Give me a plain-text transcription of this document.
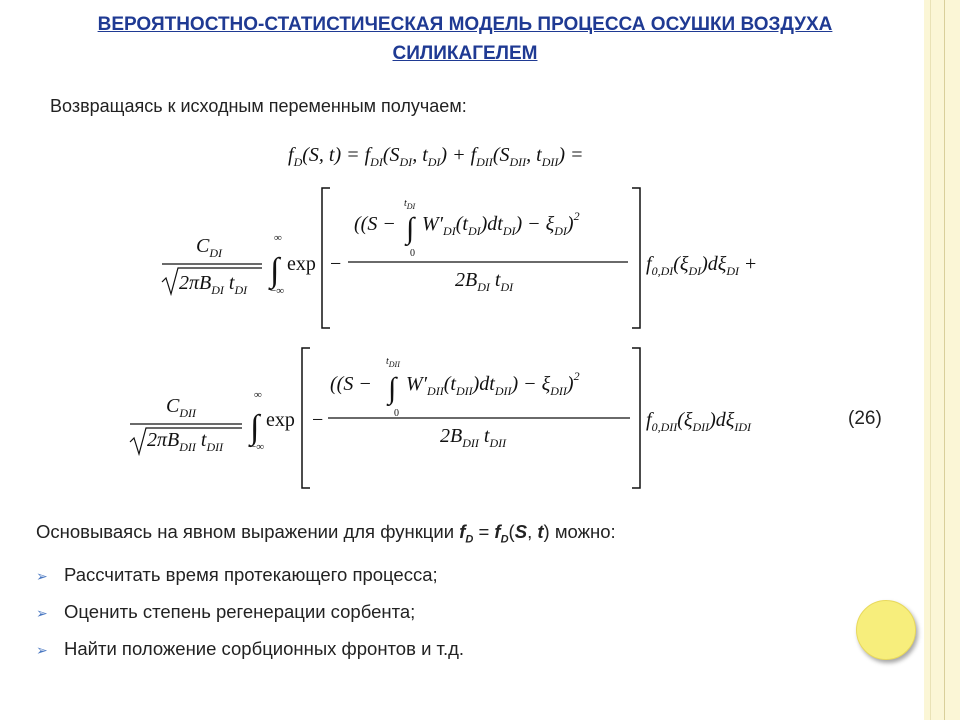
ВЕРОЯТНОСТНО-СТАТИСТИЧЕСКАЯ МОДЕЛЬ ПРОЦЕССА ОСУШКИ ВОЗДУХА
СИЛИКАГЕЛЕМ
Возвращаясь к исходным переменным получаем:
$f_D(S$, $t) = f_{DI}(S_{DI}$, $t_{DI}) + f_{DII}(S_{DII}$, $t_{DII}$) =
$C_{DI}$
$2\pi B_{DI}$ $t_{DI}$
∞
∫
−∞
exp −
((S −
$t_{DI}$
∫
0
$W'_{DI}(t_{DI})dt_{DI}) - \xi_{DI})^2$
$2B_{DI}$ $t_{DI}$
$f_{0,DI}(\xi_{DI})d\xi_{DI}$ +
$C_{DII}$
$2\pi B_{DII}$ $t_{DII}$
∞
∫
−∞
exp −
((S −
$t_{DII}$
∫
0
$W'_{DII}(t_{DII})dt_{DII}) - \xi_{DII})^2$
$2B_{DII}$ $t_{DII}$
$f_{0,DII}(\xi_{DII})d\xi_{IDI}$	(26)
Основываясь на явном выражении для функции $f_D = f_D(S$, t) можно:
➢ Рассчитать время протекающего процесса;
➢ Оценить степень регенерации сорбента;
➢ Найти положение сорбционных фронтов и т.д.
